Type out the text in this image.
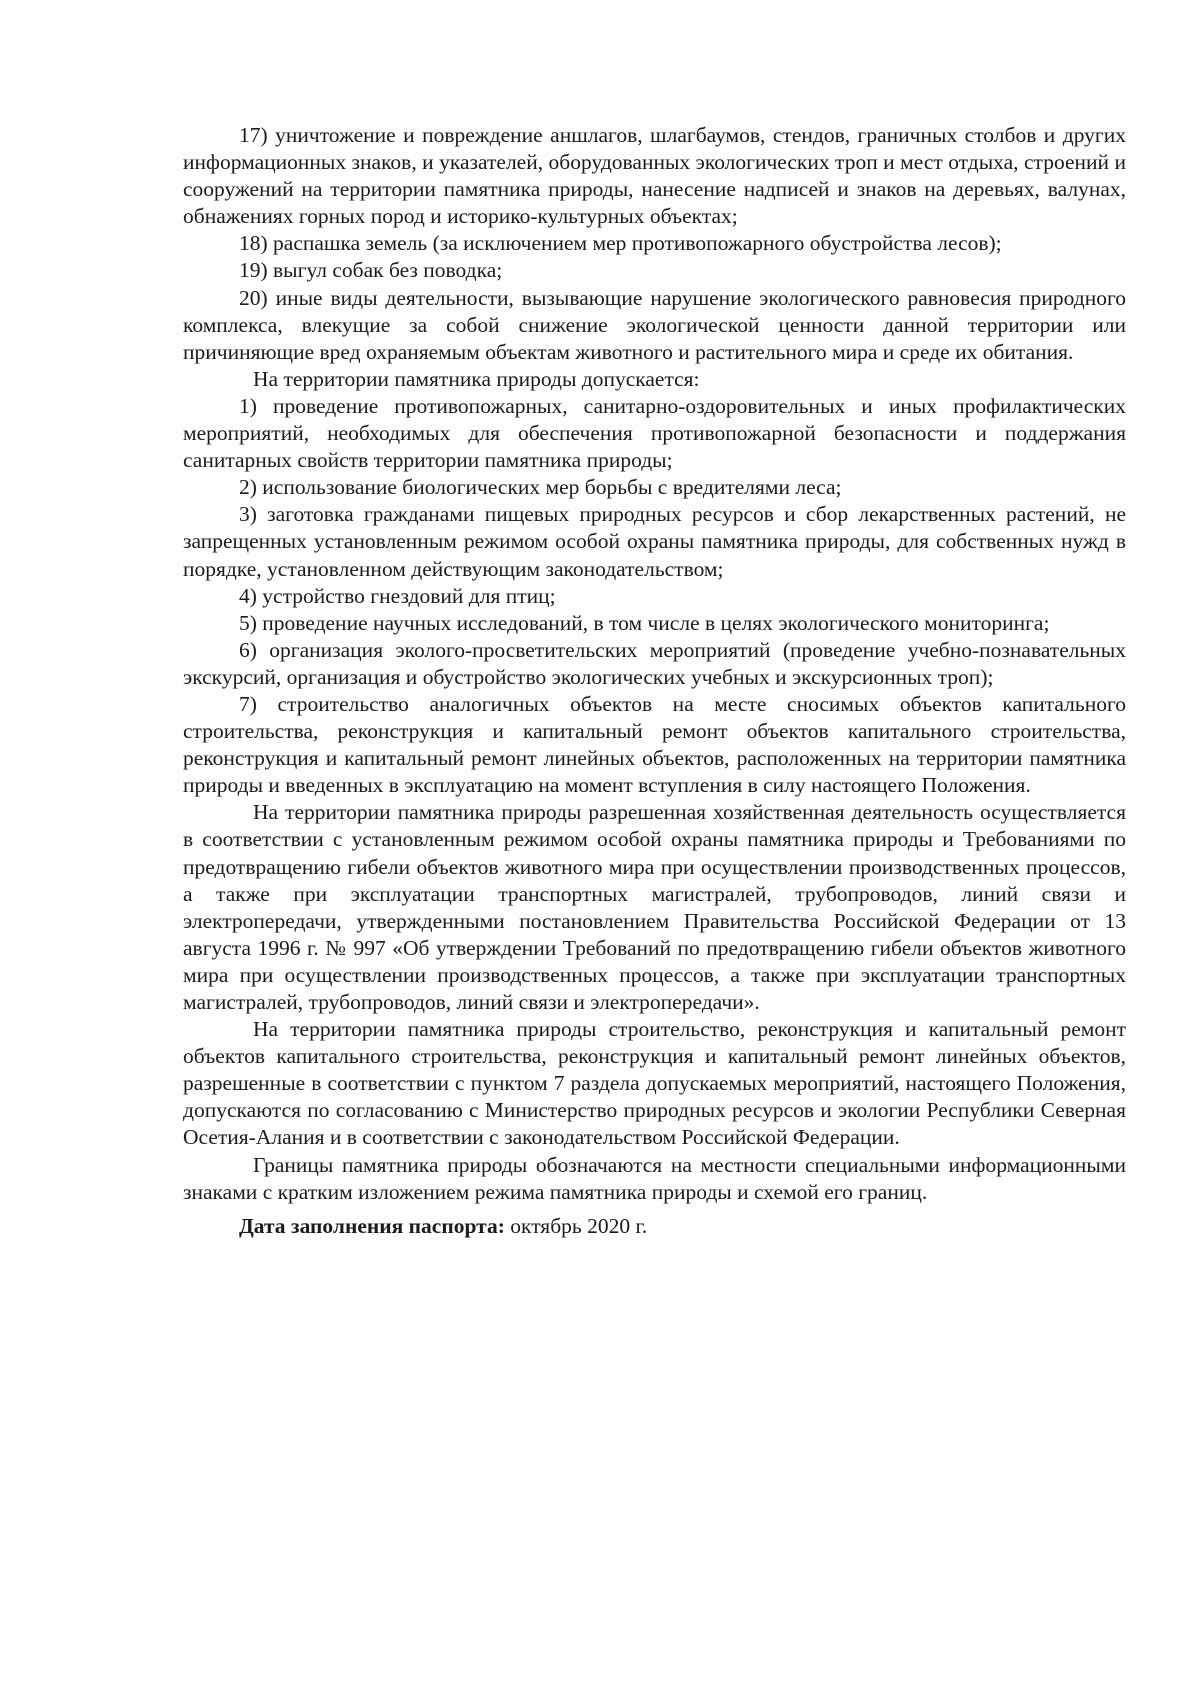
17) уничтожение и повреждение аншлагов, шлагбаумов, стендов, граничных столбов и других информационных знаков, и указателей, оборудованных экологических троп и мест отдыха, строений и сооружений на территории памятника природы, нанесение надписей и знаков на деревьях, валунах, обнажениях горных пород и историко-культурных объектах;

18) распашка земель (за исключением мер противопожарного обустройства лесов);

19) выгул собак без поводка;

20) иные виды деятельности, вызывающие нарушение экологического равновесия природного комплекса, влекущие за собой снижение экологической ценности данной территории или причиняющие вред охраняемым объектам животного и растительного мира и среде их обитания.

На территории памятника природы допускается:

1) проведение противопожарных, санитарно-оздоровительных и иных профилактических мероприятий, необходимых для обеспечения противопожарной безопасности и поддержания санитарных свойств территории памятника природы;

2) использование биологических мер борьбы с вредителями леса;

3) заготовка гражданами пищевых природных ресурсов и сбор лекарственных растений, не запрещенных установленным режимом особой охраны памятника природы, для собственных нужд в порядке, установленном действующим законодательством;

4) устройство гнездовий для птиц;

5) проведение научных исследований, в том числе в целях экологического мониторинга;

6) организация эколого-просветительских мероприятий (проведение учебно-познавательных экскурсий, организация и обустройство экологических учебных и экскурсионных троп);

7) строительство аналогичных объектов на месте сносимых объектов капитального строительства, реконструкция и капитальный ремонт объектов капитального строительства, реконструкция и капитальный ремонт линейных объектов, расположенных на территории памятника природы и введенных в эксплуатацию на момент вступления в силу настоящего Положения.

На территории памятника природы разрешенная хозяйственная деятельность осуществляется в соответствии с установленным режимом особой охраны памятника природы и Требованиями по предотвращению гибели объектов животного мира при осуществлении производственных процессов, а также при эксплуатации транспортных магистралей, трубопроводов, линий связи и электропередачи, утвержденными постановлением Правительства Российской Федерации от 13 августа 1996 г. № 997 «Об утверждении Требований по предотвращению гибели объектов животного мира при осуществлении производственных процессов, а также при эксплуатации транспортных магистралей, трубопроводов, линий связи и электропередачи».

На территории памятника природы строительство, реконструкция и капитальный ремонт объектов капитального строительства, реконструкция и капитальный ремонт линейных объектов, разрешенные в соответствии с пунктом 7 раздела допускаемых мероприятий, настоящего Положения, допускаются по согласованию с Министерство природных ресурсов и экологии Республики Северная Осетия-Алания и в соответствии с законодательством Российской Федерации.

Границы памятника природы обозначаются на местности специальными информационными знаками с кратким изложением режима памятника природы и схемой его границ.

Дата заполнения паспорта: октябрь 2020 г.
